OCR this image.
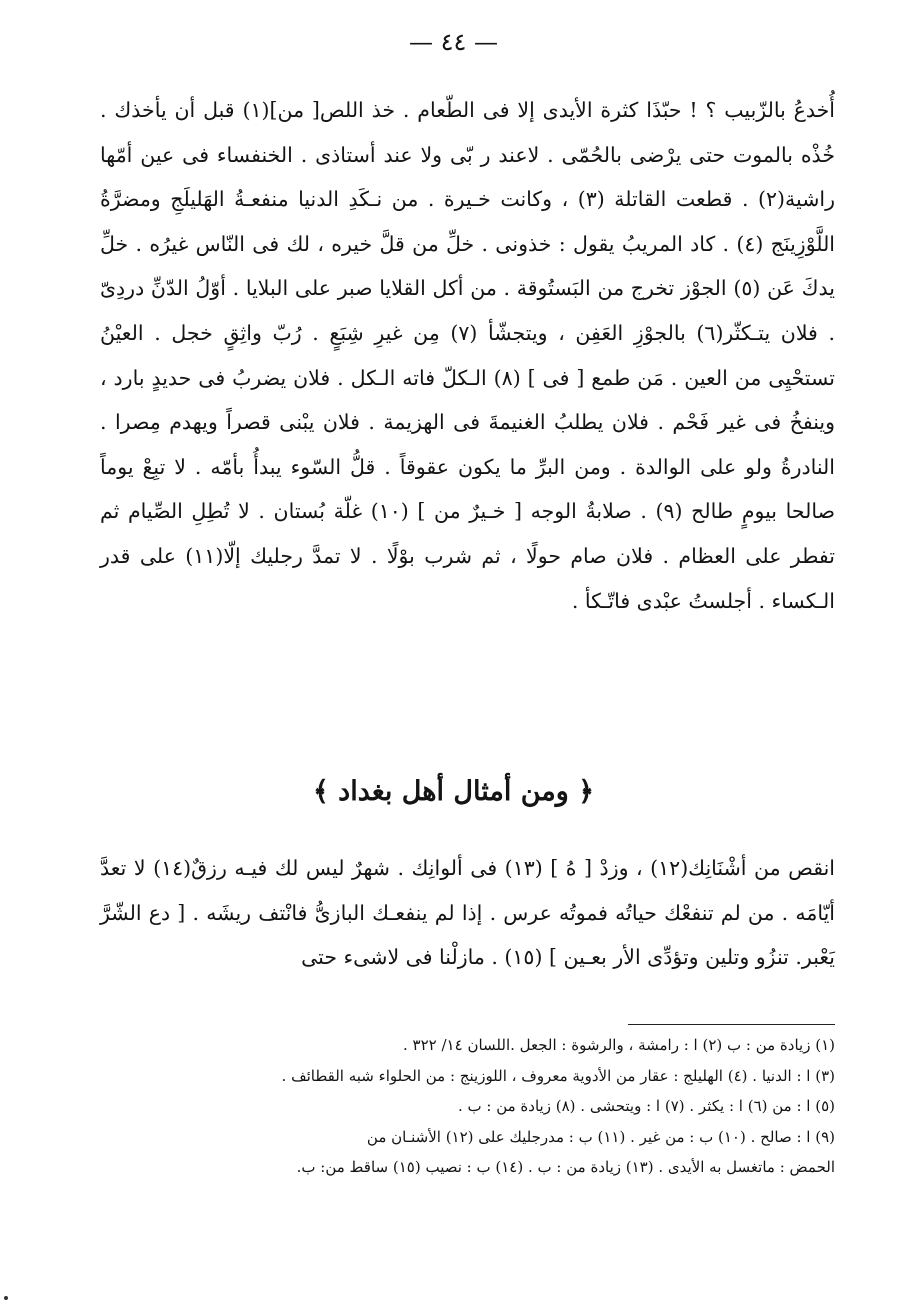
— ٤٤ —

أُخدعُ بالزّبيب ؟ ! حبّذَا كثرة الأيدى إلا فى الطّعام . خذ اللص[ من](١) قبل أن يأخذك . خُذْه بالموت حتى يرْضى بالحُمّى . لاعند ر بّى ولا عند أستاذى . الخنفساء فى عين أمّها راشية(٢) . قطعت القاتلة (٣) ، وكانت خـيرة . من نـكَدِ الدنيا منفعـةُ الهَليلَجِ ومضرَّةُ اللَّوْزِينَج (٤) . كاد المريبُ يقول : خذونى . خلِّ من قلَّ خيره ، لك فى النّاس غيرُه . خلِّ يدكَ عَن (٥) الجوْز تخرج من البَستُوقة . من أكل القلايا صبر على البلايا . أوّلُ الدّنِّ دردِىّ . فلان يتـكثّر(٦) بالجوْزِ العَفِن ، ويتجشّأ (٧) مِن غيرِ شِبَعٍ . رُبّ واثِقٍ خجل . العيْنُ تستحْيِى من العين . مَن طمع [ فى ] (٨) الـكلّ فاته الـكل . فلان يضربُ فى حديدٍ بارد ، وينفخُ فى غير فَحْم . فلان يطلبُ الغنيمةَ فى الهزيمة . فلان يبْنى قصراً ويهدم مِصرا . النادرةُ ولو على الوالدة . ومن البرِّ ما يكون عقوقاً . قلُّ السّوء يبدأُ بأمّه . لا تبِعْ يوماً صالحا بيومٍ طالح (٩) . صلابةُ الوجه [ خـيرٌ من ] (١٠) غلّة بُستان . لا تُطِلِ الصِّيام ثم تفطر على العظام . فلان صام حولًا ، ثم شرب بوْلًا . لا تمدَّ رجليك إلّا(١١) على قدر الـكساء . أجلستُ عبْدى فاتّـكأ .

﴿ ومن أمثال أهل بغداد ﴾

انقص من أشْنَانِك(١٢) ، وزدْ [ هُ ] (١٣) فى ألوانِك . شهرٌ ليس لك فيـه رزقٌ(١٤) لا تعدَّ أيّامَه . من لم تنفعْك حياتُه فموتُه عرس . إذا لم ينفعـك البازىُّ فانْتف ريشَه . [ دع الشّرَّ يَعْبر. تنزُو وتلين وتؤدِّى الأر بعـين ] (١٥) . مازلْنا فى لاشىء حتى

(١) زيادة من : ب (٢) ا : رامشة ، والرشوة : الجعل .اللسان ١٤/ ٣٢٢ .
(٣) ا : الدنيا . (٤) الهليلج : عقار من الأدوية معروف ، اللوزينج : من الحلواء شبه القطائف .
(٥) ا : من (٦) ا : يكثر . (٧) ا : ويتحشى . (٨) زيادة من : ب .
(٩) ا : صالح . (١٠) ب : من غير . (١١) ب : مدرجليك على (١٢) الأشنـان من
الحمض : ماتغسل به الأيدى . (١٣) زيادة من : ب . (١٤) ب : نصيب (١٥) ساقط من: ب.
